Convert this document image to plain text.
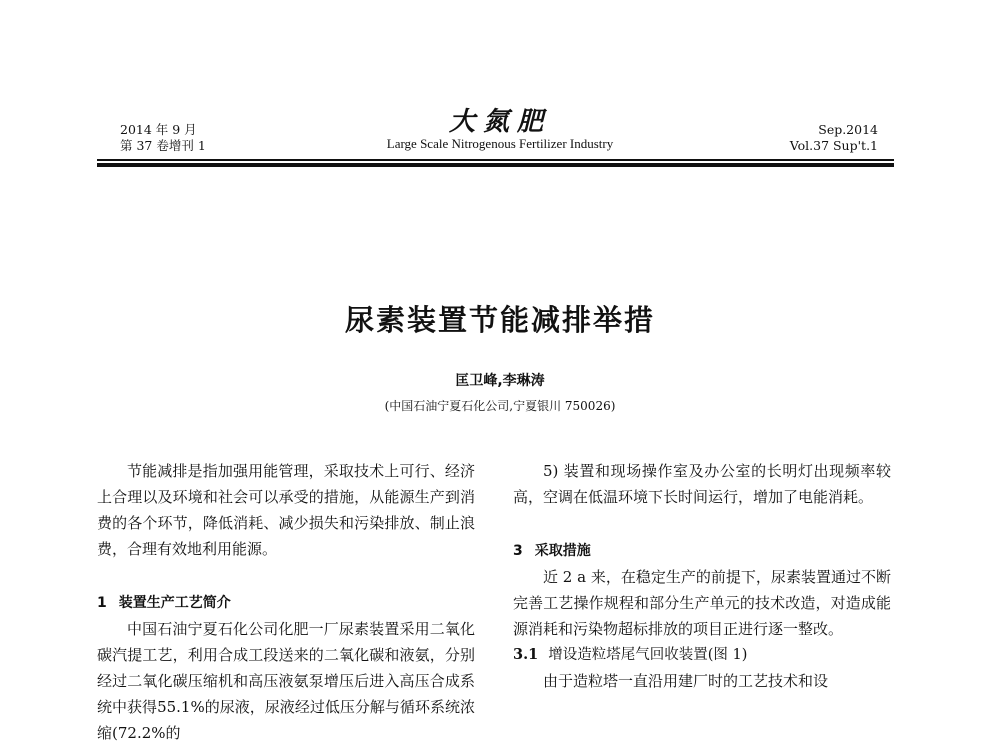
2014 年 9 月
第 37 卷增刊 1
大氮肥
Large Scale Nitrogenous Fertilizer Industry
Sep.2014
Vol.37 Sup't.1
尿素装置节能减排举措
匡卫峰,李琳涛
(中国石油宁夏石化公司,宁夏银川 750026)

节能减排是指加强用能管理，采取技术上可行、经济上合理以及环境和社会可以承受的措施，从能源生产到消费的各个环节，降低消耗、减少损失和污染排放、制止浪费，合理有效地利用能源。

1 装置生产工艺简介

中国石油宁夏石化公司化肥一厂尿素装置采用二氧化碳汽提工艺，利用合成工段送来的二氧化碳和液氨，分别经过二氧化碳压缩机和高压液氨泵增压后进入高压合成系统中获得55.1%的尿液，尿液经过低压分解与循环系统浓缩(72.2%的

5) 装置和现场操作室及办公室的长明灯出现频率较高，空调在低温环境下长时间运行，增加了电能消耗。

3 采取措施

近 2 a 来，在稳定生产的前提下，尿素装置通过不断完善工艺操作规程和部分生产单元的技术改造，对造成能源消耗和污染物超标排放的项目正进行逐一整改。

3.1 增设造粒塔尾气回收装置(图 1)

由于造粒塔一直沿用建厂时的工艺技术和设
